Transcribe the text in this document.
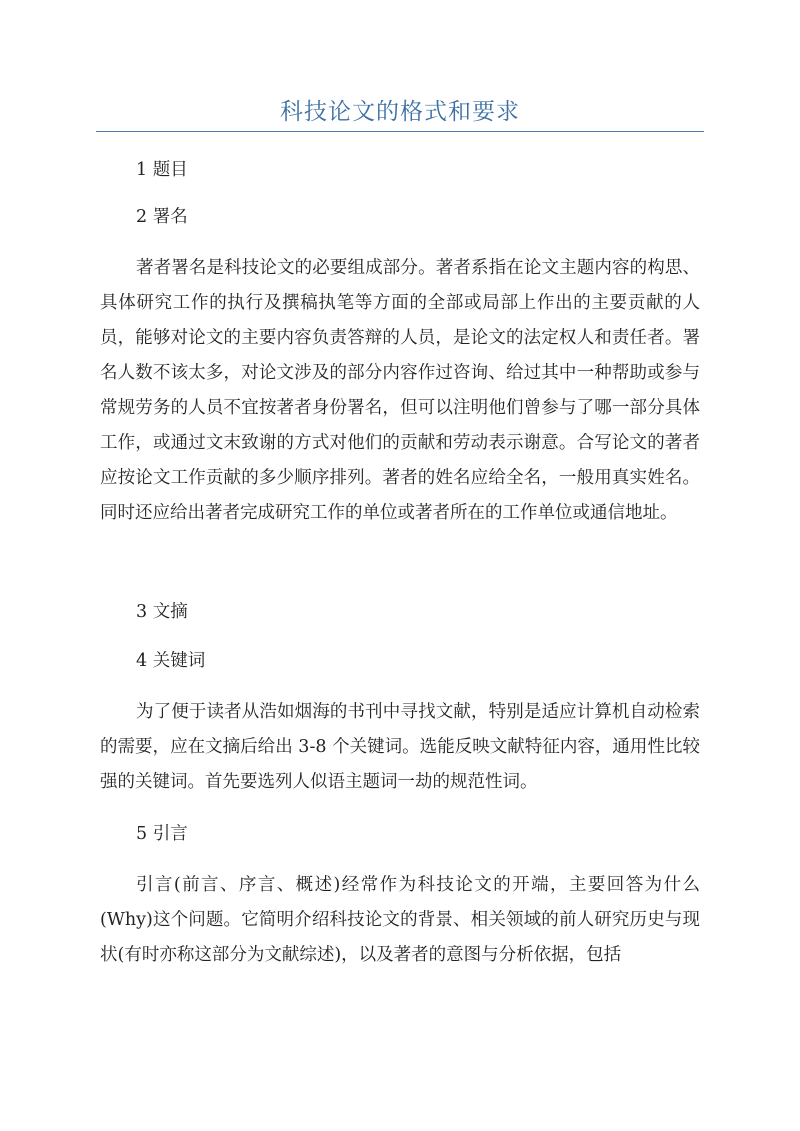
科技论文的格式和要求

1 题目

2 署名

著者署名是科技论文的必要组成部分。著者系指在论文主题内容的构思、具体研究工作的执行及撰稿执笔等方面的全部或局部上作出的主要贡献的人员，能够对论文的主要内容负责答辩的人员，是论文的法定权人和责任者。署名人数不该太多，对论文涉及的部分内容作过咨询、给过其中一种帮助或参与常规劳务的人员不宜按著者身份署名，但可以注明他们曾参与了哪一部分具体工作，或通过文末致谢的方式对他们的贡献和劳动表示谢意。合写论文的著者应按论文工作贡献的多少顺序排列。著者的姓名应给全名，一般用真实姓名。同时还应给出著者完成研究工作的单位或著者所在的工作单位或通信地址。

3 文摘

4 关键词

为了便于读者从浩如烟海的书刊中寻找文献，特别是适应计算机自动检索的需要，应在文摘后给出 3-8 个关键词。选能反映文献特征内容，通用性比较强的关键词。首先要选列人似语主题词一劫的规范性词。

5 引言

引言(前言、序言、概述)经常作为科技论文的开端，主要回答为什么(Why)这个问题。它简明介绍科技论文的背景、相关领域的前人研究历史与现状(有时亦称这部分为文献综述)，以及著者的意图与分析依据，包括
